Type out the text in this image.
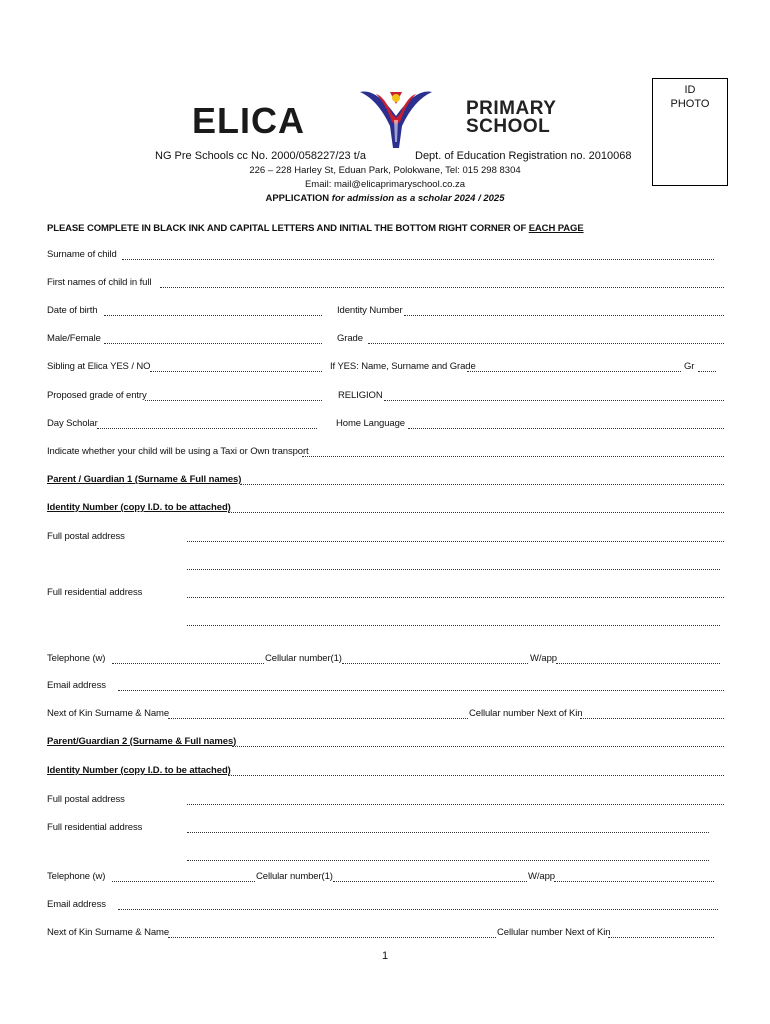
ID
PHOTO
ELICA	PRIMARY
SCHOOL
NG Pre Schools cc No. 2000/058227/23 t/a	Dept. of Education Registration no. 2010068
226 – 228 Harley St, Eduan Park, Polokwane, Tel: 015 298 8304
Email: mail@elicaprimaryschool.co.za
APPLICATION for admission as a scholar 2024 / 2025
PLEASE COMPLETE IN BLACK INK AND CAPITAL LETTERS AND INITIAL THE BOTTOM RIGHT CORNER OF EACH PAGE
Surname of child
First names of child in full
Date of birth	Identity Number
Male/Female	Grade
Sibling at Elica YES / NO	If YES: Name, Surname and Grade	Gr
Proposed grade of entry	RELIGION
Day Scholar	Home Language
Indicate whether your child will be using a Taxi or Own transport
Parent / Guardian 1 (Surname & Full names)
Identity Number (copy I.D. to be attached)
Full postal address
Full residential address
Telephone (w)	Cellular number(1)	W/app
Email address
Next of Kin Surname & Name	Cellular number Next of Kin
Parent/Guardian 2 (Surname & Full names)
Identity Number (copy I.D. to be attached)
Full postal address
Full residential address
Telephone (w)	Cellular number(1)	W/app
Email address
Next of Kin Surname & Name	Cellular number Next of Kin
1
